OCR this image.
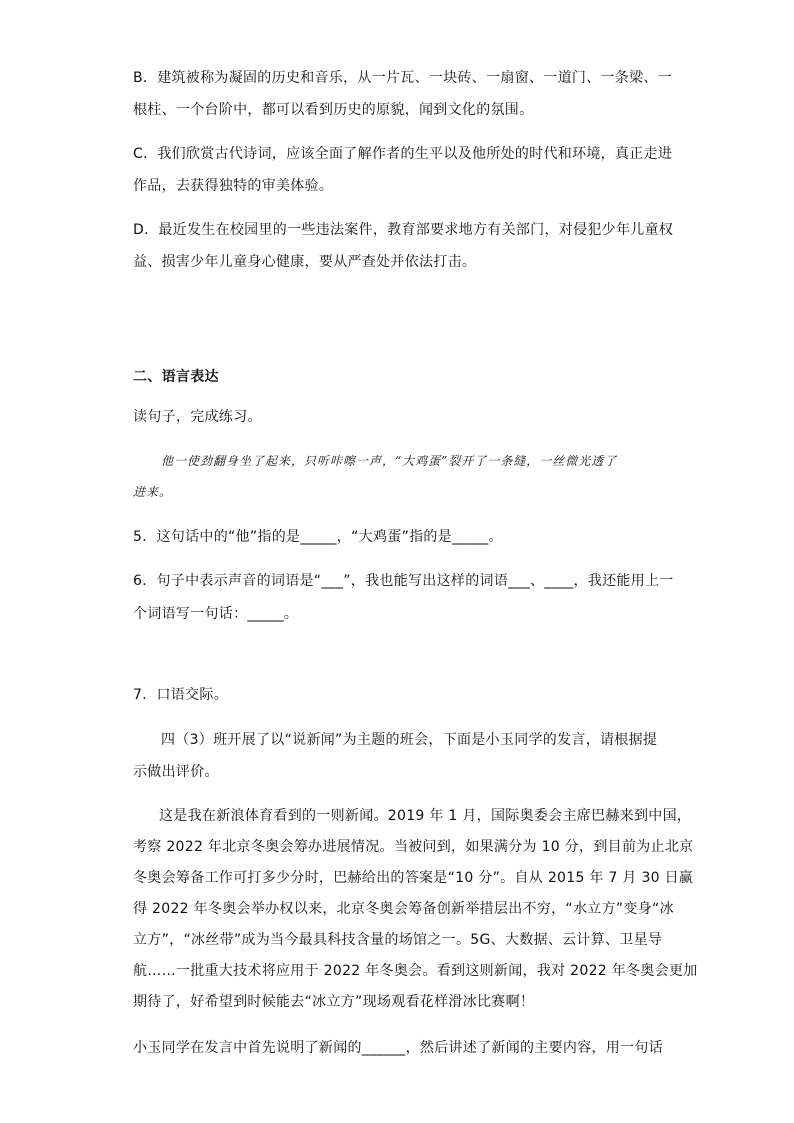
B．建筑被称为凝固的历史和音乐，从一片瓦、一块砖、一扇窗、一道门、一条梁、一
根柱、一个台阶中，都可以看到历史的原貌，闻到文化的氛围。
C．我们欣赏古代诗词，应该全面了解作者的生平以及他所处的时代和环境，真正走进
作品，去获得独特的审美体验。
D．最近发生在校园里的一些违法案件，教育部要求地方有关部门，对侵犯少年儿童权
益、损害少年儿童身心健康，要从严查处并依法打击。
二、语言表达
读句子，完成练习。
他一使劲翻身坐了起来，只听咔嚓一声，“大鸡蛋”裂开了一条缝，一丝微光透了
进来。
5．这句话中的“他”指的是_____，“大鸡蛋”指的是_____。
6．句子中表示声音的词语是“___”，我也能写出这样的词语___、____，我还能用上一
个词语写一句话：_____。
7．口语交际。
四（3）班开展了以“说新闻”为主题的班会，下面是小玉同学的发言，请根据提
示做出评价。
这是我在新浪体育看到的一则新闻。2019 年 1 月，国际奥委会主席巴赫来到中国，
考察 2022 年北京冬奥会筹办进展情况。当被问到，如果满分为 10 分，到目前为止北京
冬奥会筹备工作可打多少分时，巴赫给出的答案是“10 分”。自从 2015 年 7 月 30 日赢
得 2022 年冬奥会举办权以来，北京冬奥会筹备创新举措层出不穷，“水立方”变身“冰
立方”，“冰丝带”成为当今最具科技含量的场馆之一。5G、大数据、云计算、卫星导
航……一批重大技术将应用于 2022 年冬奥会。看到这则新闻，我对 2022 年冬奥会更加
期待了，好希望到时候能去“冰立方”现场观看花样滑冰比赛啊！
小玉同学在发言中首先说明了新闻的______，然后讲述了新闻的主要内容，用一句话
